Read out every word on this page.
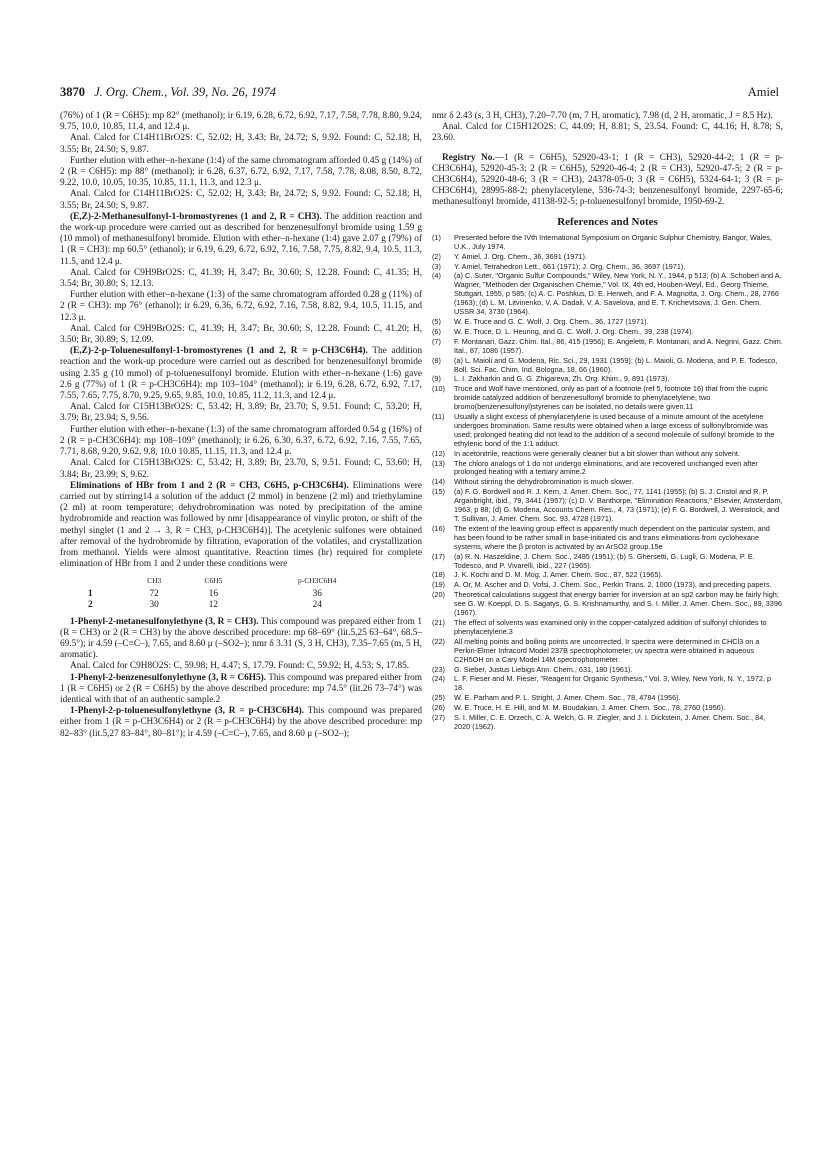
3870 J. Org. Chem., Vol. 39, No. 26, 1974	Amiel

(76%) of 1 (R = C6H5): mp 82° (methanol); ir 6.19, 6.28, 6.72, 6.92, 7.17, 7.58, 7.78, 8.80, 9.24, 9.75, 10.0, 10.85, 11.4, and 12.4 μ.

Anal. Calcd for C14H11BrO2S: C, 52.02; H, 3.43; Br, 24.72; S, 9.92. Found: C, 52.18; H, 3.55; Br, 24.50; S, 9.87.

Further elution with ether–n-hexane (1:4) of the same chromatogram afforded 0.45 g (14%) of 2 (R = C6H5): mp 88° (methanol); ir 6.28, 6.37, 6.72, 6.92, 7.17, 7.58, 7.78, 8.08, 8.50, 8.72, 9.22, 10.0, 10.05, 10.35, 10.85, 11.1, 11.3, and 12.3 μ.

Anal. Calcd for C14H11BrO2S: C, 52.02; H, 3.43; Br, 24.72; S, 9.92. Found: C, 52.18; H, 3.55; Br, 24.50; S, 9.87.

(E,Z)-2-Methanesulfonyl-1-bromostyrenes (1 and 2, R = CH3). The addition reaction and the work-up procedure were carried out as described for benzenesulfonyl bromide using 1.59 g (10 mmol) of methanesulfonyl bromide. Elution with ether–n-hexane (1:4) gave 2.07 g (79%) of 1 (R = CH3): mp 60.5° (ethanol); ir 6.19, 6.29, 6.72, 6.92, 7.16, 7.58, 7.75, 8.82, 9.4, 10.5, 11.3, 11.5, and 12.4 μ.

Anal. Calcd for C9H9BrO2S: C, 41.39; H, 3.47; Br, 30.60; S, 12.28. Found: C, 41.35; H, 3.54; Br, 30.80; S, 12.13.

Further elution with ether–n-hexane (1:3) of the same chromatogram afforded 0.28 g (11%) of 2 (R = CH3): mp 76° (ethanol); ir 6.29, 6.36, 6.72, 6.92, 7.16, 7.58, 8.82, 9.4, 10.5, 11.15, and 12.3 μ.

Anal. Calcd for C9H9BrO2S: C, 41.39; H, 3.47; Br, 30.60; S, 12.28. Found: C, 41.20; H, 3.50; Br, 30.89; S, 12.09.

(E,Z)-2-p-Toluenesulfonyl-1-bromostyrenes (1 and 2, R = p-CH3C6H4). The addition reaction and the work-up procedure were carried out as described for benzenesulfonyl bromide using 2.35 g (10 mmol) of p-toluenesulfonyl bromide. Elution with ether–n-hexane (1:6) gave 2.6 g (77%) of 1 (R = p-CH3C6H4): mp 103–104° (methanol); ir 6.19, 6.28, 6.72, 6.92, 7.17, 7.55, 7.65, 7.75, 8.70, 9.25, 9.65, 9.85, 10.0, 10.85, 11.2, 11.3, and 12.4 μ.

Anal. Calcd for C15H13BrO2S: C, 53.42; H, 3.89; Br, 23.70; S, 9.51. Found: C, 53.20; H, 3.79; Br, 23.94; S, 9.56.

Further elution with ether–n-hexane (1:3) of the same chromatogram afforded 0.54 g (16%) of 2 (R = p-CH3C6H4): mp 108–109° (methanol); ir 6.26, 6.30, 6.37, 6.72, 6.92, 7.16, 7.55, 7.65, 7.71, 8.68, 9.20, 9.62, 9.8, 10.0 10.85, 11.15, 11.3, and 12.4 μ.

Anal. Calcd for C15H13BrO2S: C, 53.42; H, 3.89; Br, 23.70, S, 9.51. Found: C, 53.60; H, 3.84; Br, 23.99; S, 9.62.

Eliminations of HBr from 1 and 2 (R = CH3, C6H5, p-CH3C6H4). Eliminations were carried out by stirring14 a solution of the adduct (2 mmol) in benzene (2 ml) and triethylamine (2 ml) at room temperature; dehydrobromination was noted by precipitation of the amine hydrobromide and reaction was followed by nmr [disappearance of vinylic proton, or shift of the methyl singlet (1 and 2 → 3, R = CH3, p-CH3C6H4)]. The acetylenic sulfones were obtained after removal of the hydrobromide by filtration, evaporation of the volatiles, and crystallization from methanol. Yields were almost quantitative. Reaction times (hr) required for complete elimination of HBr from 1 and 2 under these conditions were

	CH3	C6H5	p-CH3C6H4
1	72	16	36
2	30	12	24

1-Phenyl-2-metanesulfonylethyne (3, R = CH3). This compound was prepared either from 1 (R = CH3) or 2 (R = CH3) by the above described procedure: mp 68–69° (lit.5,25 63–64°, 68.5–69.5°); ir 4.59 (–C≡C–), 7.65, and 8.60 μ (–SO2–); nmr δ 3.31 (S, 3 H, CH3), 7.35–7.65 (m, 5 H, aromatic).

Anal. Calcd for C9H8O2S: C, 59.98; H, 4.47; S, 17.79. Found: C, 59.92; H, 4.53; S, 17.85.

1-Phenyl-2-benzenesulfonylethyne (3, R = C6H5). This compound was prepared either from 1 (R = C6H5) or 2 (R = C6H5) by the above described procedure: mp 74.5° (lit.26 73–74°) was identical with that of an authentic sample.2

1-Phenyl-2-p-toluenesulfonylethyne (3, R = p-CH3C6H4). This compound was prepared either from 1 (R = p-CH3C6H4) or 2 (R = p-CH3C6H4) by the above described procedure: mp 82–83° (lit.5,27 83–84°, 80–81°); ir 4.59 (–C≡C–), 7.65, and 8.60 μ (–SO2–);

nmr δ 2.43 (s, 3 H, CH3), 7.20–7.70 (m, 7 H, aromatic), 7.98 (d, 2 H, aromatic, J = 8.5 Hz).

Anal. Calcd for C15H12O2S: C, 44.09; H, 8.81; S, 23.54. Found: C, 44.16; H, 8.78; S, 23.60.

Registry No.—1 (R = C6H5), 52920-43-1; 1 (R = CH3), 52920-44-2; 1 (R = p-CH3C6H4), 52920-45-3; 2 (R = C6H5), 52920-46-4; 2 (R = CH3), 52920-47-5; 2 (R = p-CH3C6H4), 52920-48-6; 3 (R = CH3), 24378-05-0; 3 (R = C6H5), 5324-64-1; 3 (R = p-CH3C6H4), 28995-88-2; phenylacetylene, 536-74-3; benzenesulfonyl bromide, 2297-65-6; methanesulfonyl bromide, 41138-92-5; p-toluenesulfonyl bromide, 1950-69-2.

References and Notes
(1) Presented before the IVth International Symposium on Organic Sulphur Chemistry, Bangor, Wales, U.K., July 1974.
(2) Y. Amiel, J. Org. Chem., 36, 3691 (1971).
(3) Y. Amiel, Tetrahedron Lett., 661 (1971); J. Org. Chem., 36, 3697 (1971).
(4) (a) C. Suter, "Organic Sulfur Compounds," Wiley, New York, N. Y., 1944, p 513; (b) A. Schoberl and A. Wagner, "Methoden der Organischen Chemie," Vol. IX, 4th ed, Houben-Weyl, Ed., Georg Thieme, Stuttgart, 1955, p 585; (c) A. C. Poshkus, D. E. Herweh, and F. A. Magnotta, J. Org. Chem., 28, 2766 (1963); (d) L. M. Litvinenko, V. A. Dadali, V. A. Savelova, and E. T. Krichevtsova, J. Gen. Chem. USSR 34, 3730 (1964).
(5) W. E. Truce and G. C. Wolf, J. Org. Chem., 36, 1727 (1971).
(6) W. E. Truce, D. L. Heuring, and G. C. Wolf, J. Org. Chem., 39, 238 (1974).
(7) F. Montanari, Gazz. Chim. Ital., 86, 415 (1956); E. Angeletti, F. Montanari, and A. Negrini, Gazz. Chim. Ital., 87, 1086 (1957).
(8) (a) L. Maioli and G. Modena, Ric. Sci., 29, 1931 (1959); (b) L. Maioli, G. Modena, and P. E. Todesco, Boll. Sci. Fac. Chim. Ind. Bologna, 18, 66 (1960).
(9) L. I. Zakharkin and G. G. Zhigareva, Zh. Org. Khim., 9, 891 (1973).
(10) Truce and Wolf have mentioned, only as part of a footnote (ref 5, footnote 16) that from the cupric bromide catalyzed addition of benzenesulfonyl bromide to phenylacetylene, two bromo(benzenesulfonyl)styrenes can be isolated, no details were given.11
(11) Usually a slight excess of phenylacetylene is used because of a minute amount of the acetylene undergoes bromination. Same results were obtained when a large excess of sulfonylbromide was used; prolonged heating did not lead to the addition of a second molecule of sulfonyl bromide to the ethylenic bond of the 1:1 adduct.
(12) In acetonitrile, reactions were generally cleaner but a bit slower than without any solvent.
(13) The chloro analogs of 1 do not undergo eliminations, and are recovered unchanged even after prolonged heating with a tertiary amine.2
(14) Without stirring the dehydrobromination is much slower.
(15) (a) F. G. Bordwell and R. J. Kern, J. Amer. Chem. Soc., 77, 1141 (1955); (b) S. J. Cristol and R. P. Arganbright, ibid., 79, 3441 (1957); (c) D. V. Banthorpe, "Elimination Reactions," Elsevier, Amsterdam, 1963, p 88; (d) G. Modena, Accounts Chem. Res., 4, 73 (1971); (e) F. G. Bordwell, J. Weinstock, and T. Sullivan, J. Amer. Chem. Soc. 93, 4728 (1971).
(16) The extent of the leaving group effect is apparently much dependent on the particular system, and has been found to be rather small in base-initiated cis and trans eliminations from cyclohexane systems, where the β proton is activated by an ArSO2 group.15e
(17) (a) R. N. Haszeldine, J. Chem. Soc., 2495 (1951); (b) S. Ghersetti, G. Lugli, G. Modena, P. E. Todesco, and P. Vivarelli, ibid., 227 (1965).
(18) J. K. Kochi and D. M. Mog, J. Amer. Chem. Soc., 87, 522 (1965).
(19) A. Or, M. Ascher and D. Vofsi, J. Chem. Soc., Perkin Trans. 2, 1000 (1973), and preceding papers.
(20) Theoretical calculations suggest that energy barrier for inversion at an sp2 carbon may be fairly high; see G. W. Koeppl, D. S. Sagatys, G. S. Krishnamurthy, and S. I. Miller, J. Amer. Chem. Soc., 89, 3396 (1967).
(21) The effect of solvents was examined only in the copper-catalyzed addition of sulfonyl chlorides to phenylacetylene.3
(22) All melting points and boiling points are uncorrected. Ir spectra were determined in CHCl3 on a Perkin-Elmer Infracord Model 237B spectrophotometer; uv spectra were obtained in aqueous C2H5OH on a Cary Model 14M spectrophotometer.
(23) G. Sieber, Justus Liebigs Ann. Chem., 631, 180 (1961).
(24) L. F. Fieser and M. Fieser, "Reagent for Organic Synthesis," Vol. 3, Wiley, New York, N. Y., 1972, p 18.
(25) W. E. Parham and P. L. Stright, J. Amer. Chem. Soc., 78, 4784 (1956).
(26) W. E. Truce, H. E. Hill, and M. M. Boudakian, J. Amer. Chem. Soc., 78, 2760 (1956).
(27) S. I. Miller, C. E. Orzech, C. A. Welch, G. R. Ziegler, and J. I. Dickstein, J. Amer. Chem. Soc., 84, 2020 (1962).
